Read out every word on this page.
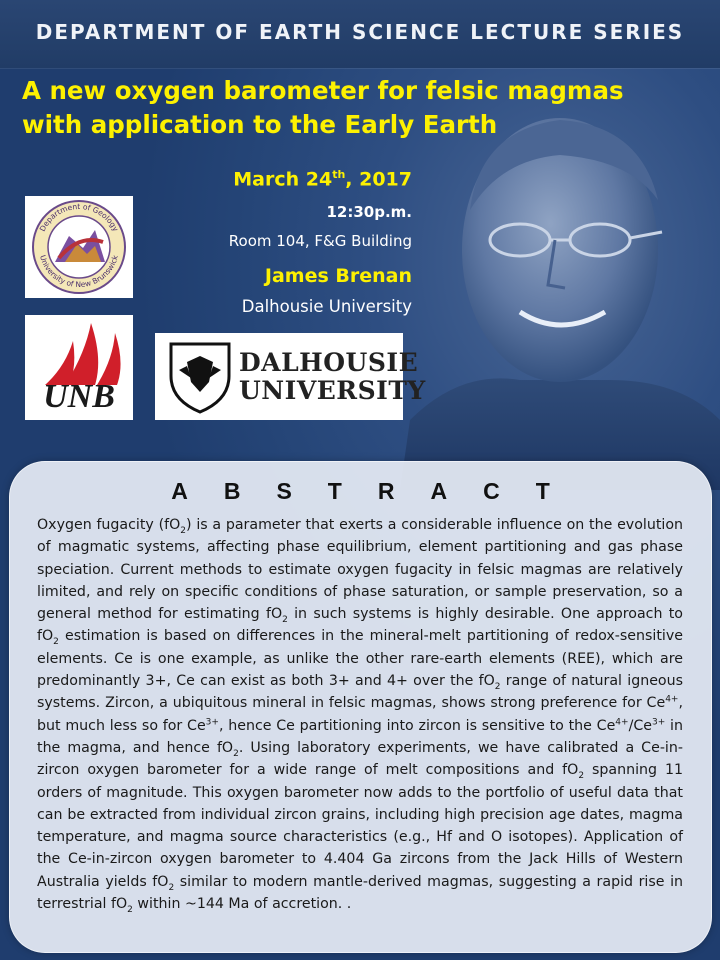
DEPARTMENT OF EARTH SCIENCE LECTURE SERIES
A new oxygen barometer for felsic magmas
with application to the Early Earth
March 24th, 2017
12:30p.m.
Room 104, F&G Building
James Brenan
Dalhousie University
Department of Geology
University of New Brunswick
UNB
DALHOUSIE
UNIVERSITY
ABSTRACT
Oxygen fugacity $(fO_2)$ is a parameter that exerts a considerable influence on the evolution of magmatic systems, affecting phase equilibrium, element partitioning and gas phase speciation. Current methods to estimate oxygen fugacity in felsic magmas are relatively limited, and rely on specific conditions of phase saturation, or sample preservation, so a general method for estimating $fO_2$ in such systems is highly desirable. One approach to $fO_2$ estimation is based on differences in the mineral-melt partitioning of redox-sensitive elements. Ce is one example, as unlike the other rare-earth elements (REE), which are predominantly 3+, Ce can exist as both 3+ and 4+ over the $fO_2$ range of natural igneous systems. Zircon, a ubiquitous mineral in felsic magmas, shows strong preference for $Ce^{4+}$, but much less so for $Ce^{3+}$, hence Ce partitioning into zircon is sensitive to the $Ce^{4+}/Ce^{3+}$ in the magma, and hence $fO_2$. Using laboratory experiments, we have calibrated a Ce-in-zircon oxygen barometer for a wide range of melt compositions and $fO_2$ spanning 11 orders of magnitude. This oxygen barometer now adds to the portfolio of useful data that can be extracted from individual zircon grains, including high precision age dates, magma temperature, and magma source characteristics (e.g., Hf and O isotopes). Application of the Ce-in-zircon oxygen barometer to 4.404 Ga zircons from the Jack Hills of Western Australia yields $fO_2$ similar to modern mantle-derived magmas, suggesting a rapid rise in terrestrial $fO_2$ within ~144 Ma of accretion. .
